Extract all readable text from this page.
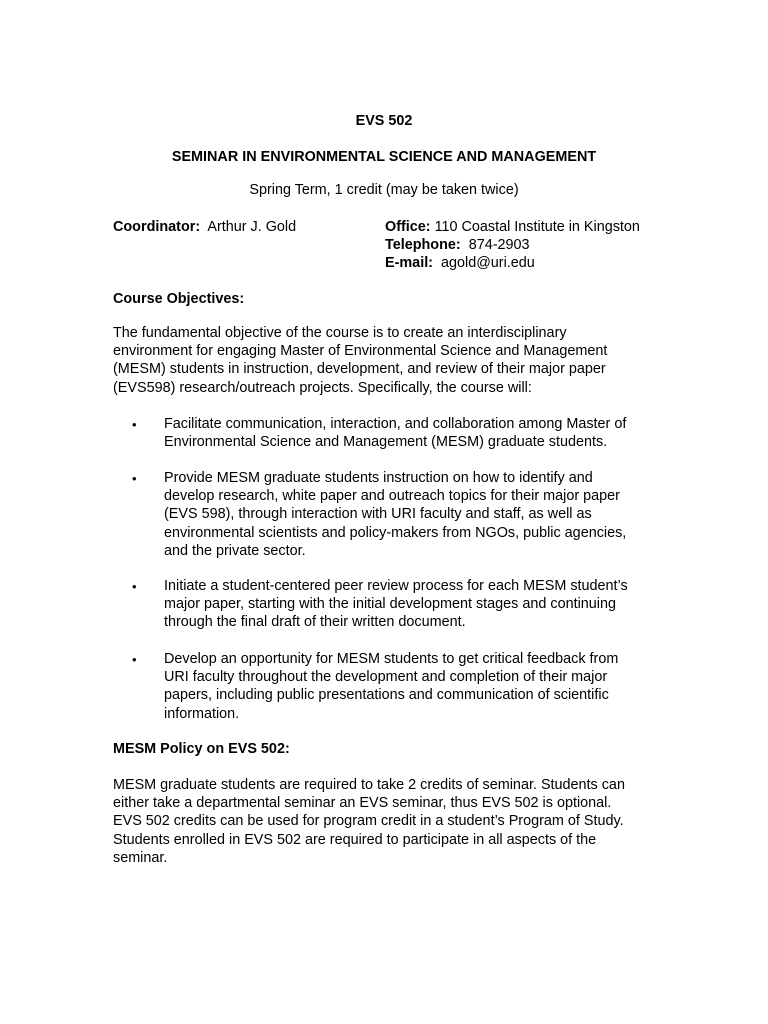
EVS 502
SEMINAR IN ENVIRONMENTAL SCIENCE AND MANAGEMENT
Spring Term, 1 credit (may be taken twice)
Coordinator: Arthur J. Gold	Office: 110 Coastal Institute in Kingston
Telephone: 874-2903
E-mail: agold@uri.edu
Course Objectives:
The fundamental objective of the course is to create an interdisciplinary
environment for engaging Master of Environmental Science and Management
(MESM) students in instruction, development, and review of their major paper
(EVS598) research/outreach projects. Specifically, the course will:
• Facilitate communication, interaction, and collaboration among Master of
Environmental Science and Management (MESM) graduate students.
• Provide MESM graduate students instruction on how to identify and
develop research, white paper and outreach topics for their major paper
(EVS 598), through interaction with URI faculty and staff, as well as
environmental scientists and policy-makers from NGOs, public agencies,
and the private sector.
• Initiate a student-centered peer review process for each MESM student’s
major paper, starting with the initial development stages and continuing
through the final draft of their written document.
• Develop an opportunity for MESM students to get critical feedback from
URI faculty throughout the development and completion of their major
papers, including public presentations and communication of scientific
information.
MESM Policy on EVS 502:
MESM graduate students are required to take 2 credits of seminar. Students can
either take a departmental seminar an EVS seminar, thus EVS 502 is optional.
EVS 502 credits can be used for program credit in a student’s Program of Study.
Students enrolled in EVS 502 are required to participate in all aspects of the
seminar.
